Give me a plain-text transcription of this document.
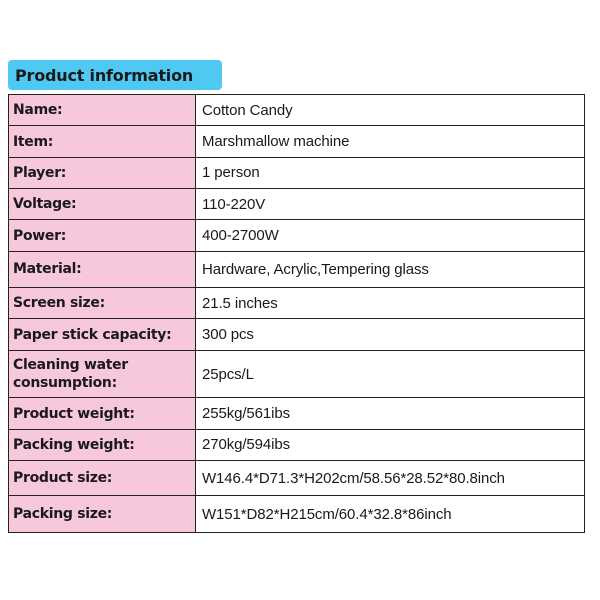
Product information
Name:	Cotton Candy
Item:	Marshmallow machine
Player:	1 person
Voltage:	110-220V
Power:	400-2700W
Material:	Hardware, Acrylic,Tempering glass
Screen size:	21.5 inches
Paper stick capacity:	300 pcs
Cleaning water consumption:	25pcs/L
Product weight:	255kg/561ibs
Packing weight:	270kg/594ibs
Product size:	W146.4*D71.3*H202cm/58.56*28.52*80.8inch
Packing size:	W151*D82*H215cm/60.4*32.8*86inch
